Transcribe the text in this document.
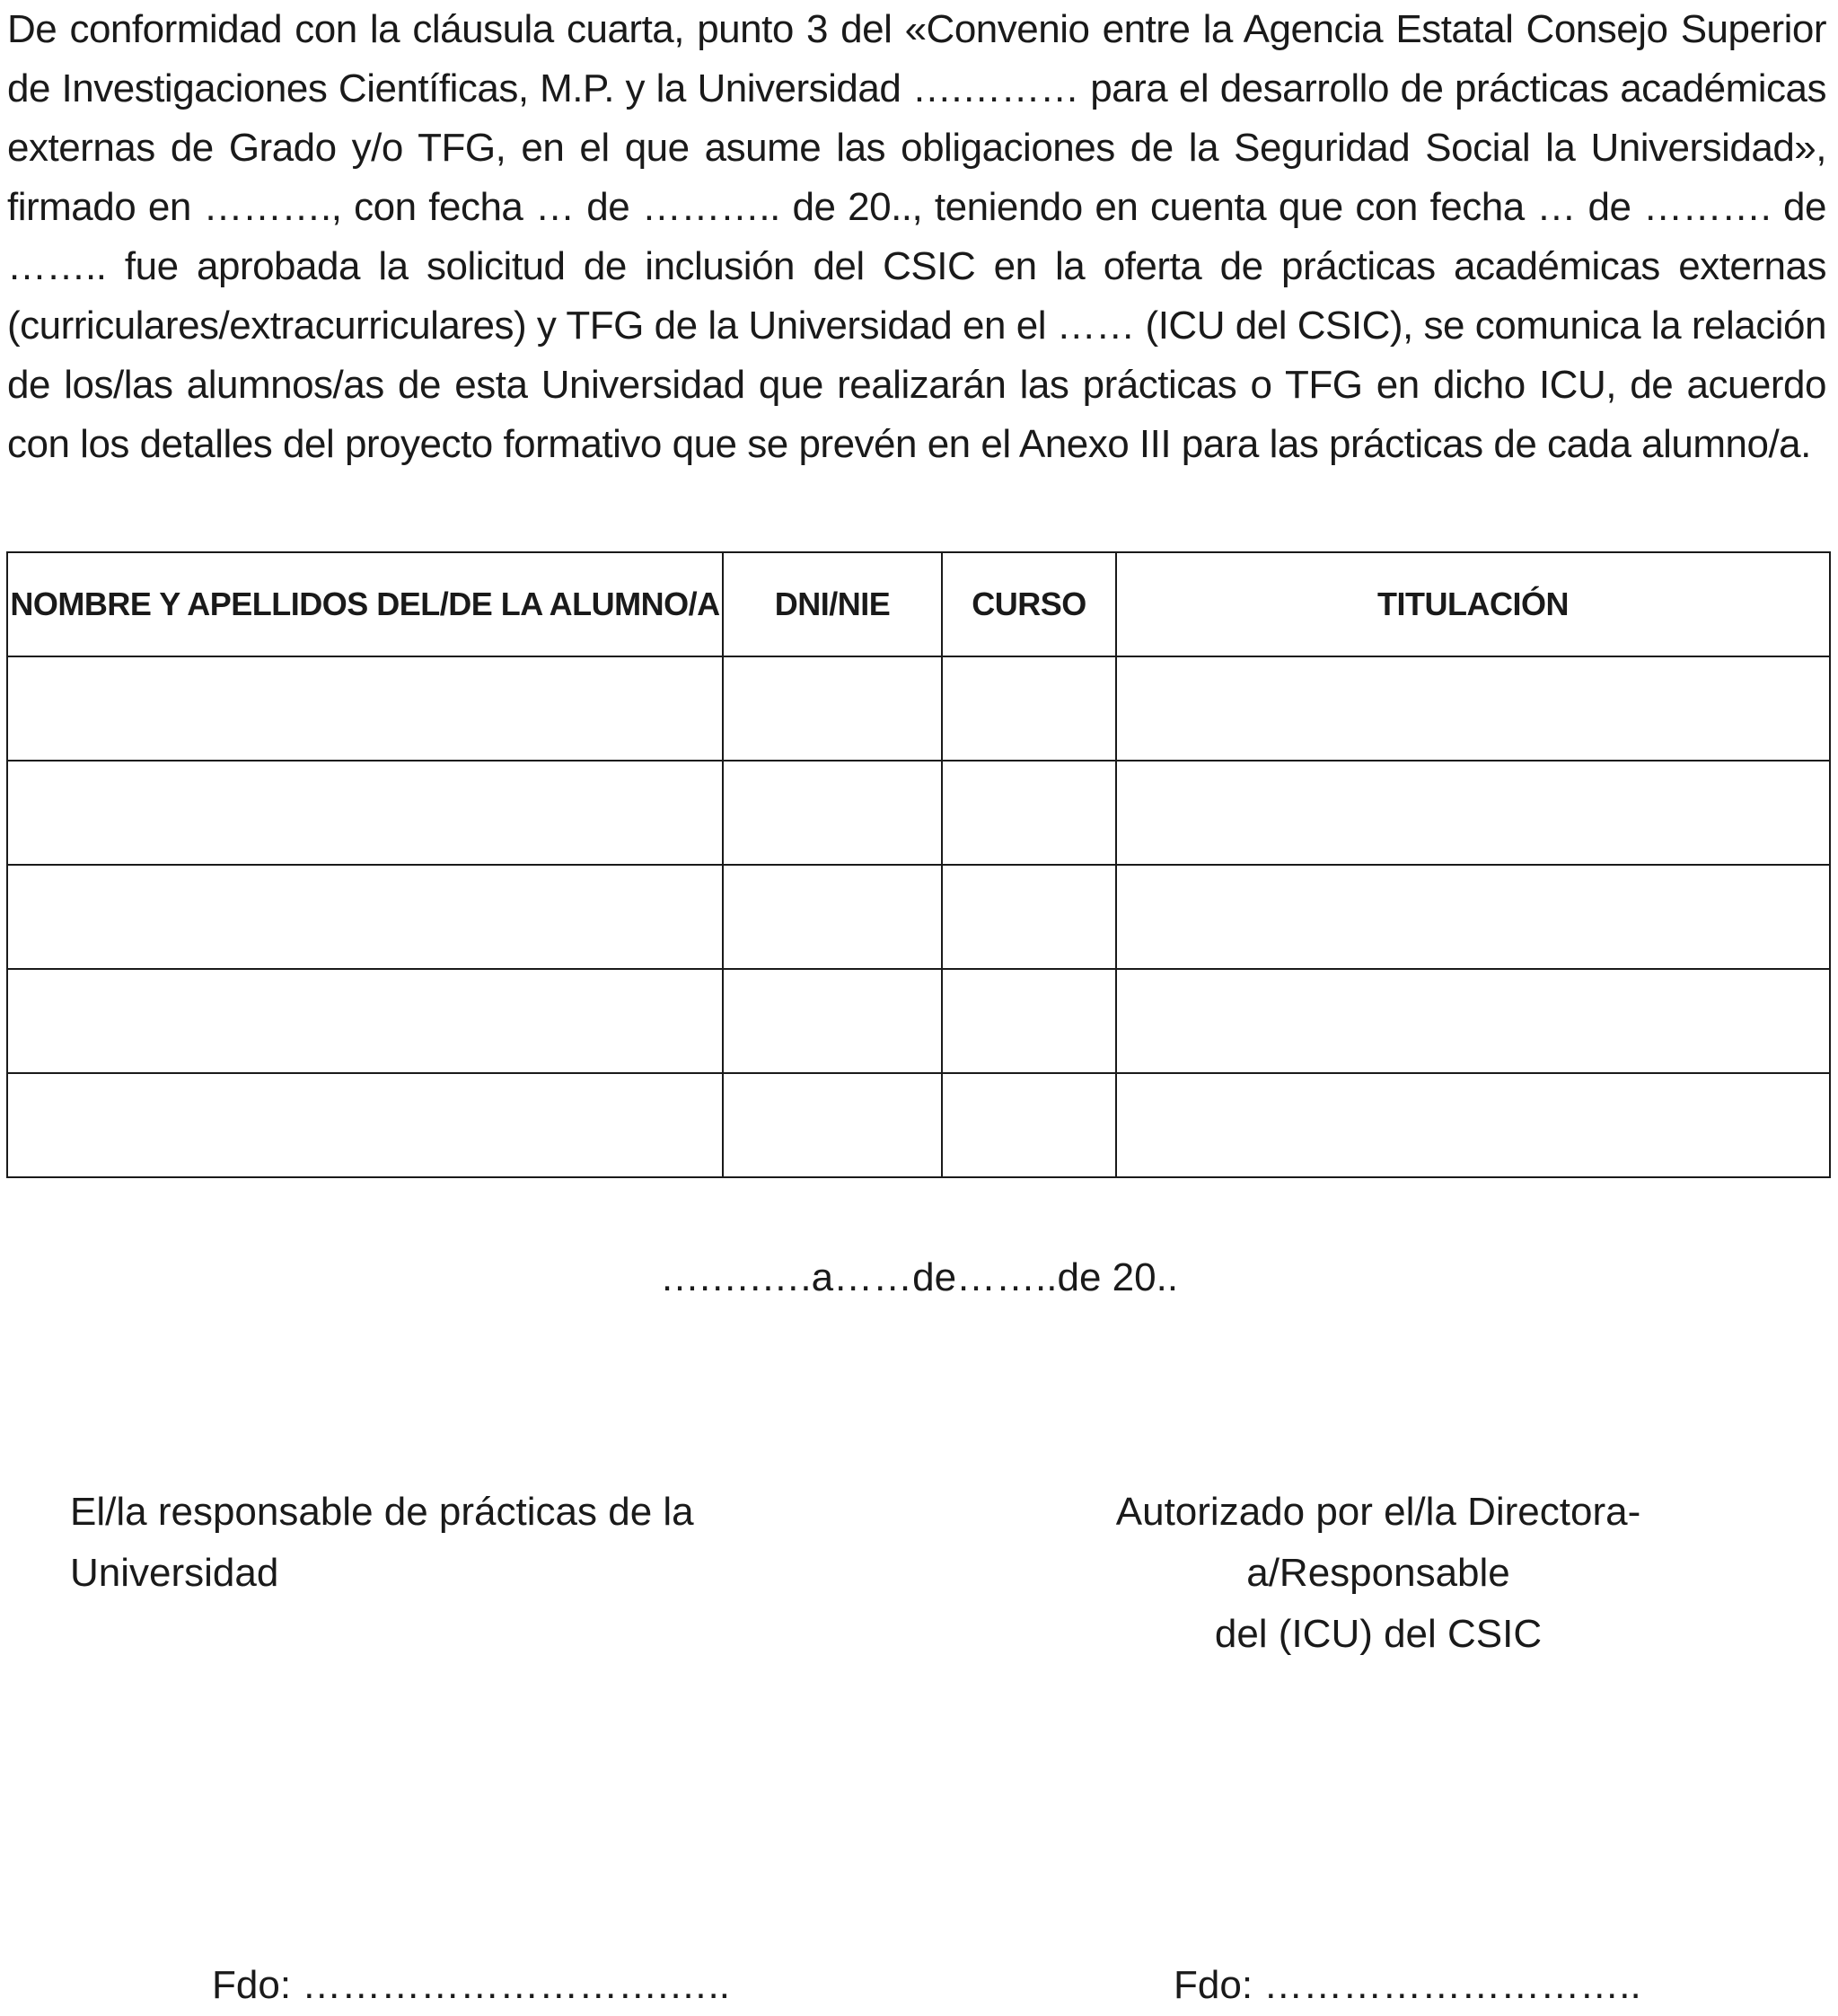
De conformidad con la cláusula cuarta, punto 3 del «Convenio entre la Agencia Estatal Consejo Superior de Investigaciones Científicas, M.P. y la Universidad ….……… para el desarrollo de prácticas académicas externas de Grado y/o TFG, en el que asume las obligaciones de la Seguridad Social la Universidad», firmado en ………., con fecha … de ……….. de 20.., teniendo en cuenta que con fecha … de ………. de …….. fue aprobada la solicitud de inclusión del CSIC en la oferta de prácticas académicas externas (curriculares/extracurriculares) y TFG de la Universidad en el …… (ICU del CSIC), se comunica la relación de los/las alumnos/as de esta Universidad que realizarán las prácticas o TFG en dicho ICU, de acuerdo con los detalles del proyecto formativo que se prevén en el Anexo III para las prácticas de cada alumno/a.

NOMBRE Y APELLIDOS DEL/DE LA ALUMNO/A	DNI/NIE	CURSO	TITULACIÓN

….….….a……de……..de 20..
El/la responsable de prácticas de la Universidad
Autorizado por el/la Directora-a/Responsable
del (ICU) del CSIC
Fdo: ……………………….…..	Fdo: ………………………..
